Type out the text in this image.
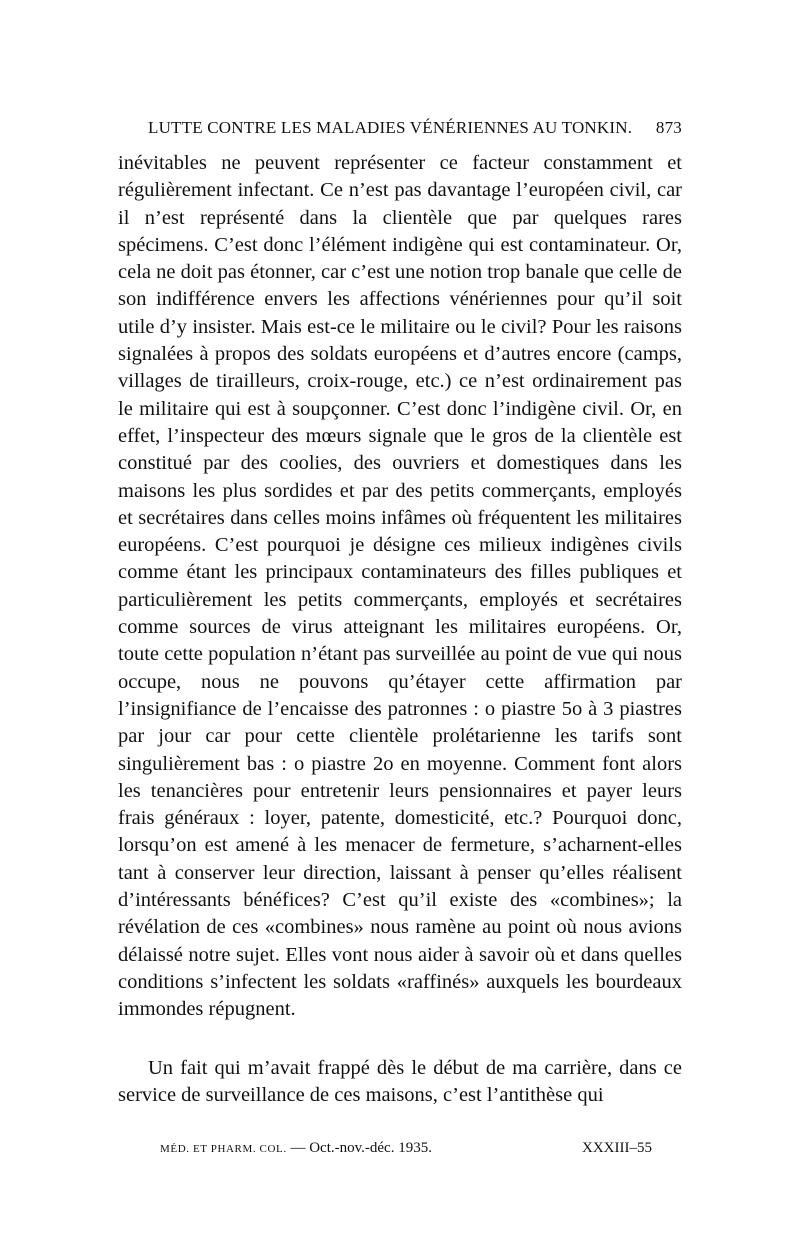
LUTTE CONTRE LES MALADIES VÉNÉRIENNES AU TONKIN. 873

inévitables ne peuvent représenter ce facteur constamment et régulièrement infectant. Ce n’est pas davantage l’européen civil, car il n’est représenté dans la clientèle que par quelques rares spécimens. C’est donc l’élément indigène qui est contaminateur. Or, cela ne doit pas étonner, car c’est une notion trop banale que celle de son indifférence envers les affections vénériennes pour qu’il soit utile d’y insister. Mais est-ce le militaire ou le civil? Pour les raisons signalées à propos des soldats européens et d’autres encore (camps, villages de tirailleurs, croix-rouge, etc.) ce n’est ordinairement pas le militaire qui est à soupçonner. C’est donc l’indigène civil. Or, en effet, l’inspecteur des mœurs signale que le gros de la clientèle est constitué par des coolies, des ouvriers et domestiques dans les maisons les plus sordides et par des petits commerçants, employés et secrétaires dans celles moins infâmes où fréquentent les militaires européens. C’est pourquoi je désigne ces milieux indigènes civils comme étant les principaux contaminateurs des filles publiques et particulièrement les petits commerçants, employés et secrétaires comme sources de virus atteignant les militaires européens. Or, toute cette population n’étant pas surveillée au point de vue qui nous occupe, nous ne pouvons qu’étayer cette affirmation par l’insignifiance de l’encaisse des patronnes : o piastre 5o à 3 piastres par jour car pour cette clientèle prolétarienne les tarifs sont singulièrement bas : o piastre 2o en moyenne. Comment font alors les tenancières pour entretenir leurs pensionnaires et payer leurs frais généraux : loyer, patente, domesticité, etc.? Pourquoi donc, lorsqu’on est amené à les menacer de fermeture, s’acharnent-elles tant à conserver leur direction, laissant à penser qu’elles réalisent d’intéressants bénéfices? C’est qu’il existe des «combines»; la révélation de ces «combines» nous ramène au point où nous avions délaissé notre sujet. Elles vont nous aider à savoir où et dans quelles conditions s’infectent les soldats «raffinés» auxquels les bourdeaux immondes répugnent.

Un fait qui m’avait frappé dès le début de ma carrière, dans ce service de surveillance de ces maisons, c’est l’antithèse qui

MÉD. ET PHARM. COL. — Oct.-nov.-déc. 1935.	XXXIII–55
